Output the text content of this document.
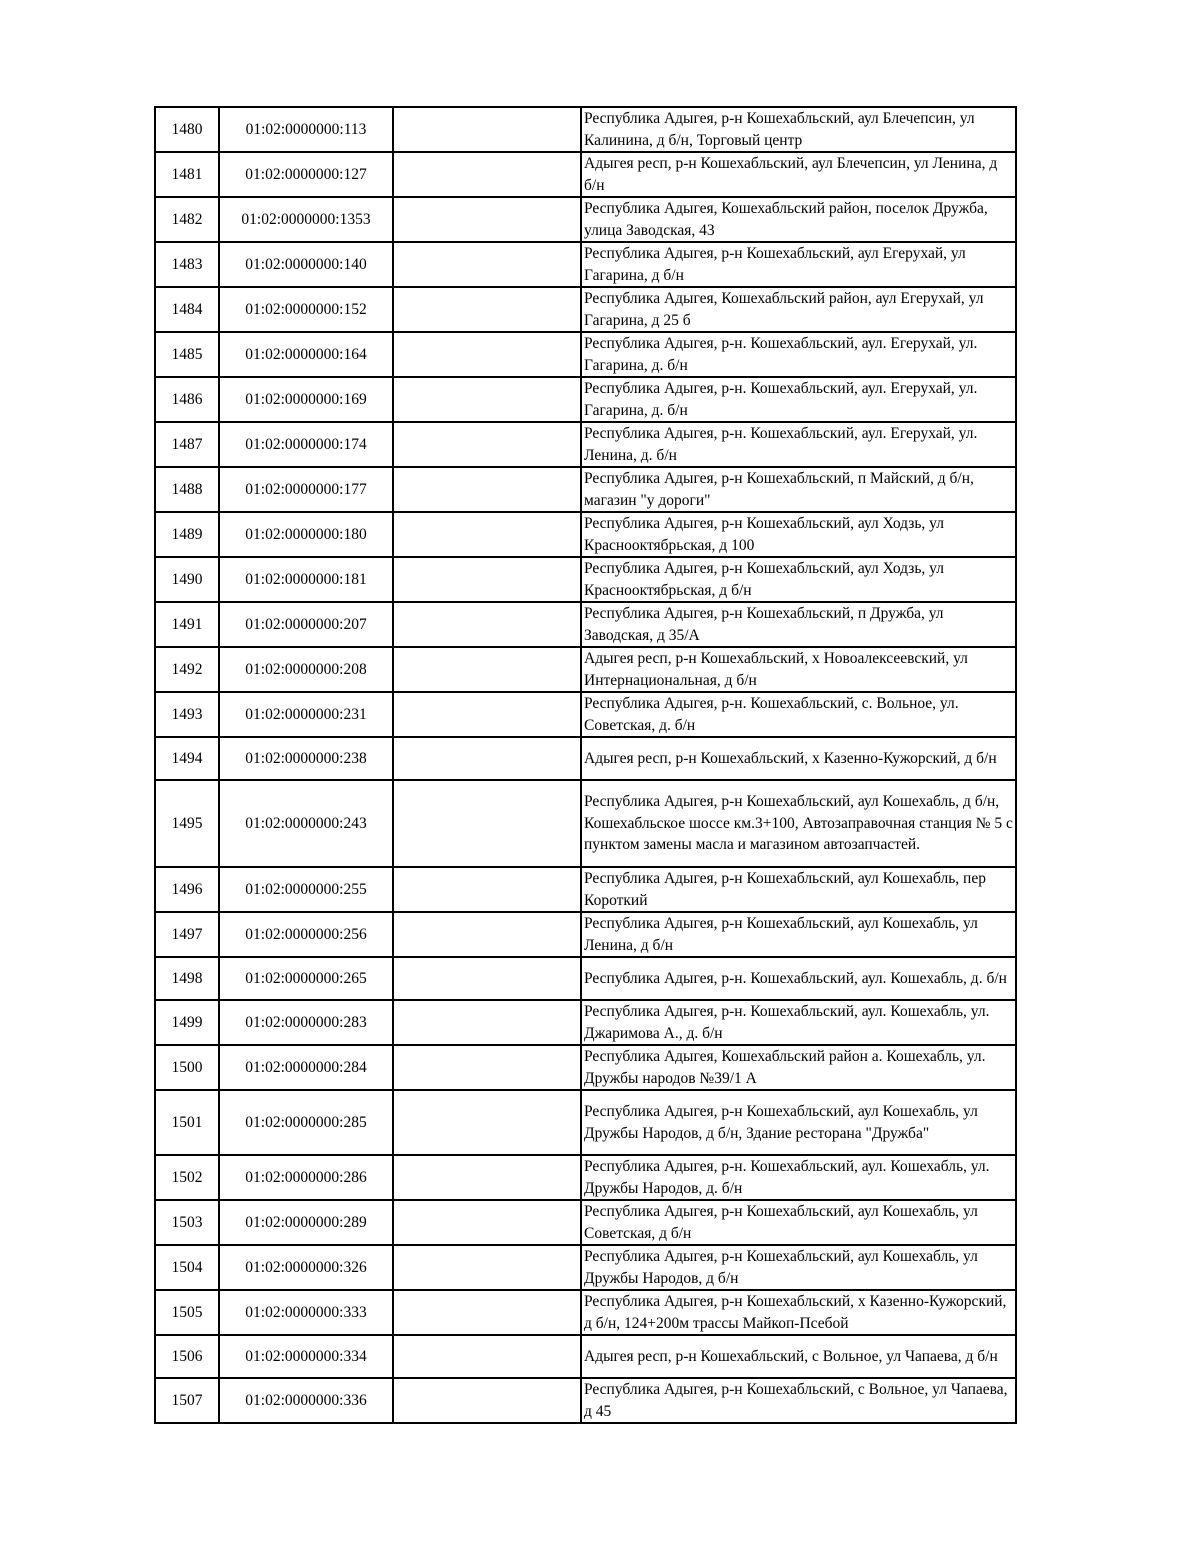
1480	01:02:0000000:113		Республика Адыгея, р-н Кошехабльский, аул Блечепсин, ул Калинина, д б/н, Торговый центр
1481	01:02:0000000:127		Адыгея респ, р-н Кошехабльский, аул Блечепсин, ул Ленина, д б/н
1482	01:02:0000000:1353		Республика Адыгея, Кошехабльский район, поселок Дружба, улица Заводская, 43
1483	01:02:0000000:140		Республика Адыгея, р-н Кошехабльский, аул Егерухай, ул Гагарина, д б/н
1484	01:02:0000000:152		Республика Адыгея, Кошехабльский район, аул Егерухай, ул Гагарина, д 25 б
1485	01:02:0000000:164		Республика Адыгея, р-н. Кошехабльский, аул. Егерухай, ул. Гагарина, д. б/н
1486	01:02:0000000:169		Республика Адыгея, р-н. Кошехабльский, аул. Егерухай, ул. Гагарина, д. б/н
1487	01:02:0000000:174		Республика Адыгея, р-н. Кошехабльский, аул. Егерухай, ул. Ленина, д. б/н
1488	01:02:0000000:177		Республика Адыгея, р-н Кошехабльский, п Майский, д б/н, магазин "у дороги"
1489	01:02:0000000:180		Республика Адыгея, р-н Кошехабльский, аул Ходзь, ул Краснооктябрьская, д 100
1490	01:02:0000000:181		Республика Адыгея, р-н Кошехабльский, аул Ходзь, ул Краснооктябрьская, д б/н
1491	01:02:0000000:207		Республика Адыгея, р-н Кошехабльский, п Дружба, ул Заводская, д 35/А
1492	01:02:0000000:208		Адыгея респ, р-н Кошехабльский, х Новоалексеевский, ул Интернациональная, д б/н
1493	01:02:0000000:231		Республика Адыгея, р-н. Кошехабльский, с. Вольное, ул. Советская, д. б/н
1494	01:02:0000000:238		Адыгея респ, р-н Кошехабльский, х Казенно-Кужорский, д б/н
1495	01:02:0000000:243		Республика Адыгея, р-н Кошехабльский, аул Кошехабль, д б/н, Кошехабльское шоссе км.3+100, Автозаправочная станция № 5 с пунктом замены масла и магазином автозапчастей.
1496	01:02:0000000:255		Республика Адыгея, р-н Кошехабльский, аул Кошехабль, пер Короткий
1497	01:02:0000000:256		Республика Адыгея, р-н Кошехабльский, аул Кошехабль, ул Ленина, д б/н
1498	01:02:0000000:265		Республика Адыгея, р-н. Кошехабльский, аул. Кошехабль, д. б/н
1499	01:02:0000000:283		Республика Адыгея, р-н. Кошехабльский, аул. Кошехабль, ул. Джаримова А., д. б/н
1500	01:02:0000000:284		Республика Адыгея, Кошехабльский район а. Кошехабль, ул. Дружбы народов №39/1 А
1501	01:02:0000000:285		Республика Адыгея, р-н Кошехабльский, аул Кошехабль, ул Дружбы Народов, д б/н, Здание ресторана "Дружба"
1502	01:02:0000000:286		Республика Адыгея, р-н. Кошехабльский, аул. Кошехабль, ул. Дружбы Народов, д. б/н
1503	01:02:0000000:289		Республика Адыгея, р-н Кошехабльский, аул Кошехабль, ул Советская, д б/н
1504	01:02:0000000:326		Республика Адыгея, р-н Кошехабльский, аул Кошехабль, ул Дружбы Народов, д б/н
1505	01:02:0000000:333		Республика Адыгея, р-н Кошехабльский, х Казенно-Кужорский, д б/н, 124+200м трассы Майкоп-Псебой
1506	01:02:0000000:334		Адыгея респ, р-н Кошехабльский, с Вольное, ул Чапаева, д б/н
1507	01:02:0000000:336		Республика Адыгея, р-н Кошехабльский, с Вольное, ул Чапаева, д 45
